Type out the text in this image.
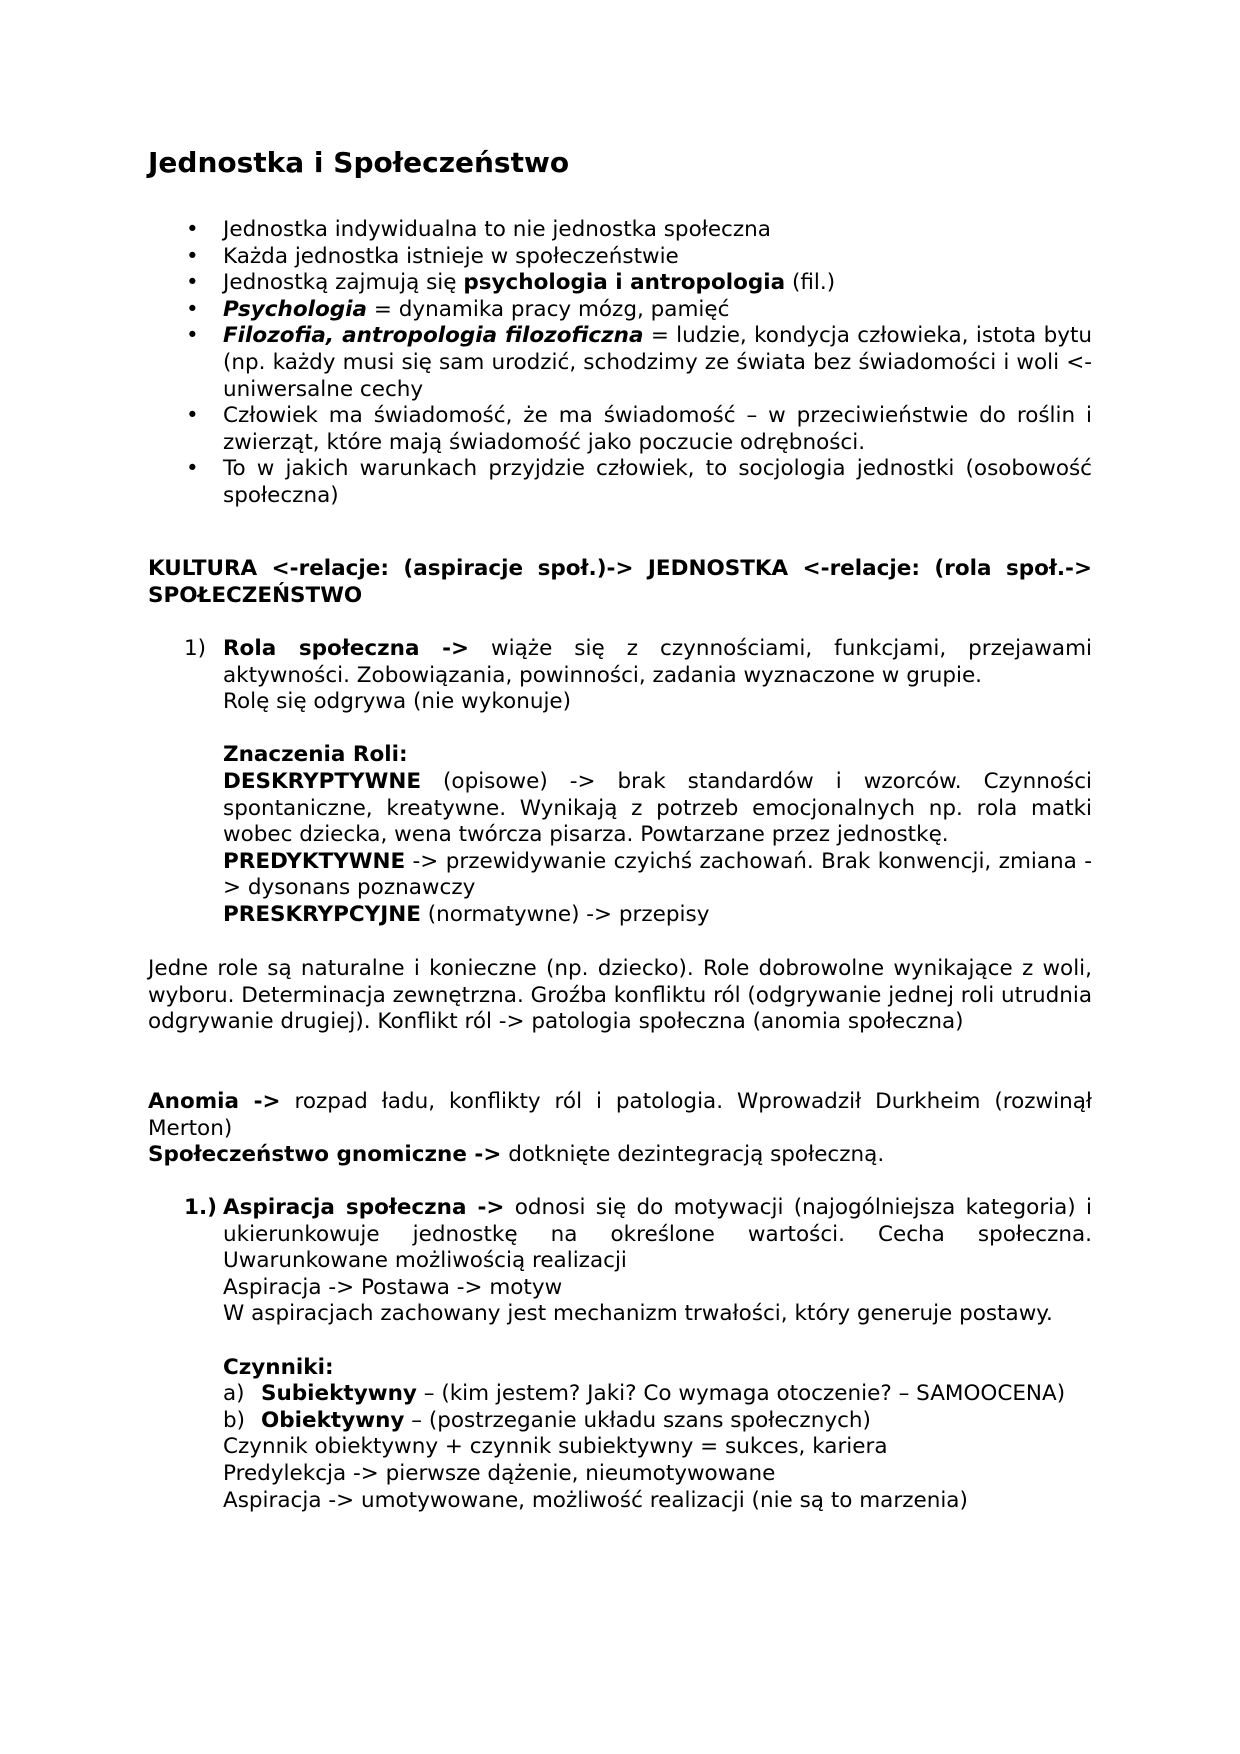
Jednostka i Społeczeństwo
• Jednostka indywidualna to nie jednostka społeczna
• Każda jednostka istnieje w społeczeństwie
• Jednostką zajmują się psychologia i antropologia (fil.)
• Psychologia = dynamika pracy mózg, pamięć
• Filozofia, antropologia filozoficzna = ludzie, kondycja człowieka, istota bytu (np. każdy musi się sam urodzić, schodzimy ze świata bez świadomości i woli <- uniwersalne cechy
• Człowiek ma świadomość, że ma świadomość – w przeciwieństwie do roślin i zwierząt, które mają świadomość jako poczucie odrębności.
• To w jakich warunkach przyjdzie człowiek, to socjologia jednostki (osobowość społeczna)
KULTURA <-relacje: (aspiracje społ.)-> JEDNOSTKA <-relacje: (rola społ.-> SPOŁECZEŃSTWO
1) Rola społeczna -> wiąże się z czynnościami, funkcjami, przejawami aktywności. Zobowiązania, powinności, zadania wyznaczone w grupie.

Rolę się odgrywa (nie wykonuje)

Znaczenia Roli:

DESKRYPTYWNE (opisowe) -> brak standardów i wzorców. Czynności spontaniczne, kreatywne. Wynikają z potrzeb emocjonalnych np. rola matki wobec dziecka, wena twórcza pisarza. Powtarzane przez jednostkę.

PREDYKTYWNE -> przewidywanie czyichś zachowań. Brak konwencji, zmiana -> dysonans poznawczy

PRESKRYPCYJNE (normatywne) -> przepisy

Jedne role są naturalne i konieczne (np. dziecko). Role dobrowolne wynikające z woli, wyboru. Determinacja zewnętrzna. Groźba konfliktu ról (odgrywanie jednej roli utrudnia odgrywanie drugiej). Konflikt ról -> patologia społeczna (anomia społeczna)
Anomia -> rozpad ładu, konflikty ról i patologia. Wprowadził Durkheim (rozwinął Merton)
Społeczeństwo gnomiczne -> dotknięte dezintegracją społeczną.
1.) Aspiracja społeczna -> odnosi się do motywacji (najogólniejsza kategoria) i ukierunkowuje jednostkę na określone wartości. Cecha społeczna. Uwarunkowane możliwością realizacji

Aspiracja -> Postawa -> motyw

W aspiracjach zachowany jest mechanizm trwałości, który generuje postawy.

Czynniki:

a) Subiektywny – (kim jestem? Jaki? Co wymaga otoczenie? – SAMOOCENA)
b) Obiektywny – (postrzeganie układu szans społecznych)

Czynnik obiektywny + czynnik subiektywny = sukces, kariera

Predylekcja -> pierwsze dążenie, nieumotywowane

Aspiracja -> umotywowane, możliwość realizacji (nie są to marzenia)
